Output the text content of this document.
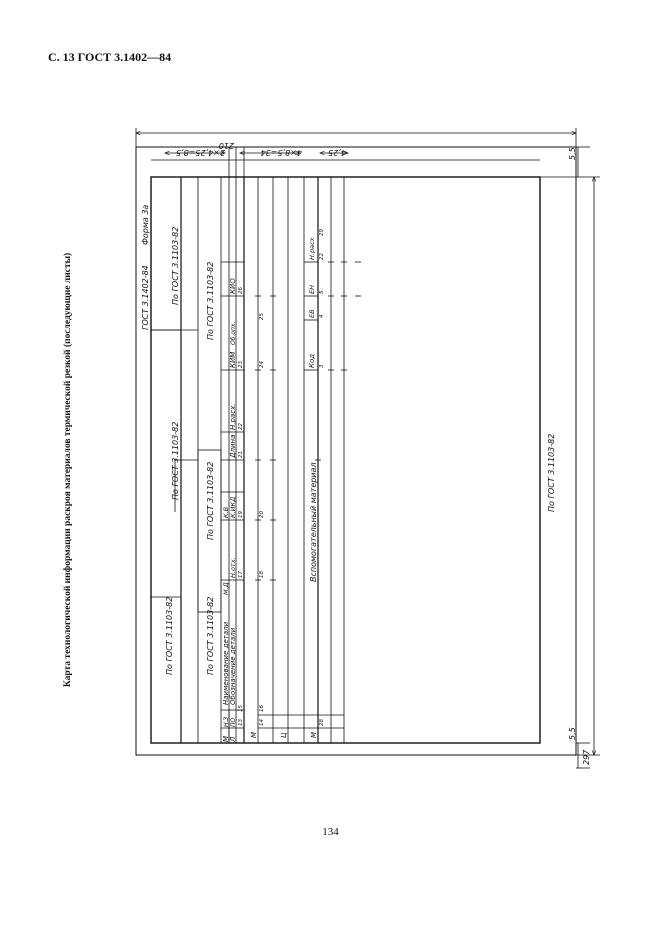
С. 13 ГОСТ 3.1402—84
Карта технологической информации раскроя материалов термической резкой (последующие листы)
134
210
297
5,5
5,5
2×4,25=8,5	4×8,5=34	4,25
ГОСТ 3.1402-84
Форма 3а
По ГОСТ 3.1103-82
По ГОСТ 3.1103-82
По ГОСТ 3.1103-82
По ГОСТ 3.1103-82
По ГОСТ 3.1103-82
По ГОСТ 3.1103-82
По ГОСТ 3.1103-82
М Л
М	Ц	М
Н.З ПО
Наименование детали Обозначение детали
М.Д
Н.отх.
К.В К.ИКД
Длина
Н.расх.
КИМ
Об.опх.
КИО
Код
ЕВ
ЕН
Н.расх
Вспомогательный материал
13
15
17
19
21
22
23
26
14
16
18
20
24
25
28
3
4
5
22
29
